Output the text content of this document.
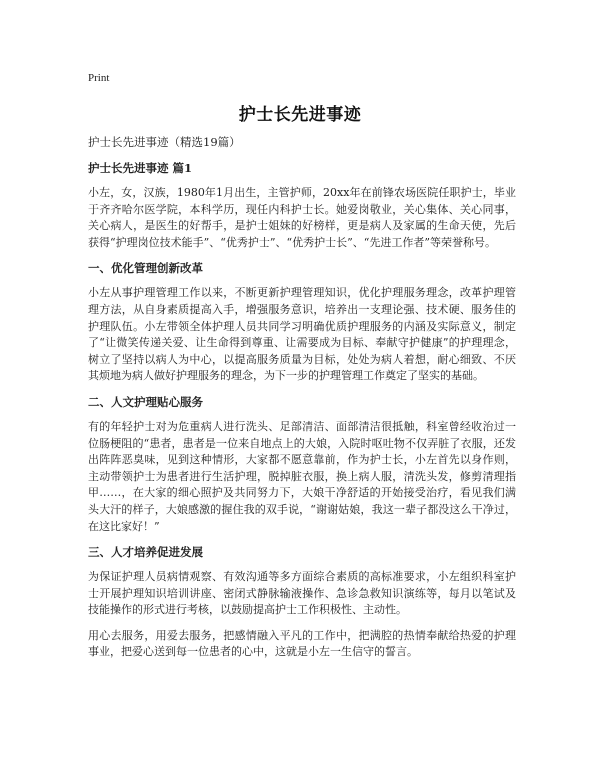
Print
护士长先进事迹

护士长先进事迹（精选19篇）

护士长先进事迹 篇1

小左，女，汉族，1980年1月出生，主管护师，20xx年在前锋农场医院任职护士，毕业于齐齐哈尔医学院，本科学历，现任内科护士长。她爱岗敬业，关心集体、关心同事，关心病人，是医生的好帮手，是护士姐妹的好榜样，更是病人及家属的生命天使，先后获得“护理岗位技术能手”、“优秀护士”、“优秀护士长”、“先进工作者”等荣誉称号。

一、优化管理创新改革

小左从事护理管理工作以来，不断更新护理管理知识，优化护理服务理念，改革护理管理方法，从自身素质提高入手，增强服务意识，培养出一支理论强、技术硬、服务佳的护理队伍。小左带领全体护理人员共同学习明确优质护理服务的内涵及实际意义，制定了“让微笑传递关爱、让生命得到尊重、让需要成为目标、奉献守护健康”的护理理念，树立了坚持以病人为中心，以提高服务质量为目标，处处为病人着想，耐心细致、不厌其烦地为病人做好护理服务的理念，为下一步的护理管理工作奠定了坚实的基础。

二、人文护理贴心服务

有的年轻护士对为危重病人进行洗头、足部清洁、面部清洁很抵触，科室曾经收治过一位肠梗阻的“患者，患者是一位来自地点上的大娘，入院时呕吐物不仅弄脏了衣服，还发出阵阵恶臭味，见到这种情形，大家都不愿意靠前，作为护士长，小左首先以身作则，主动带领护士为患者进行生活护理，脱掉脏衣服，换上病人服，清洗头发，修剪清理指甲……，在大家的细心照护及共同努力下，大娘干净舒适的开始接受治疗，看见我们满头大汗的样子，大娘感激的握住我的双手说，“谢谢姑娘，我这一辈子都没这么干净过，在这比家好！”

三、人才培养促进发展

为保证护理人员病情观察、有效沟通等多方面综合素质的高标准要求，小左组织科室护士开展护理知识培训讲座、密闭式静脉输液操作、急诊急救知识演练等，每月以笔试及技能操作的形式进行考核，以鼓励提高护士工作积极性、主动性。

用心去服务，用爱去服务，把感情融入平凡的工作中，把满腔的热情奉献给热爱的护理事业，把爱心送到每一位患者的心中，这就是小左一生信守的誓言。
